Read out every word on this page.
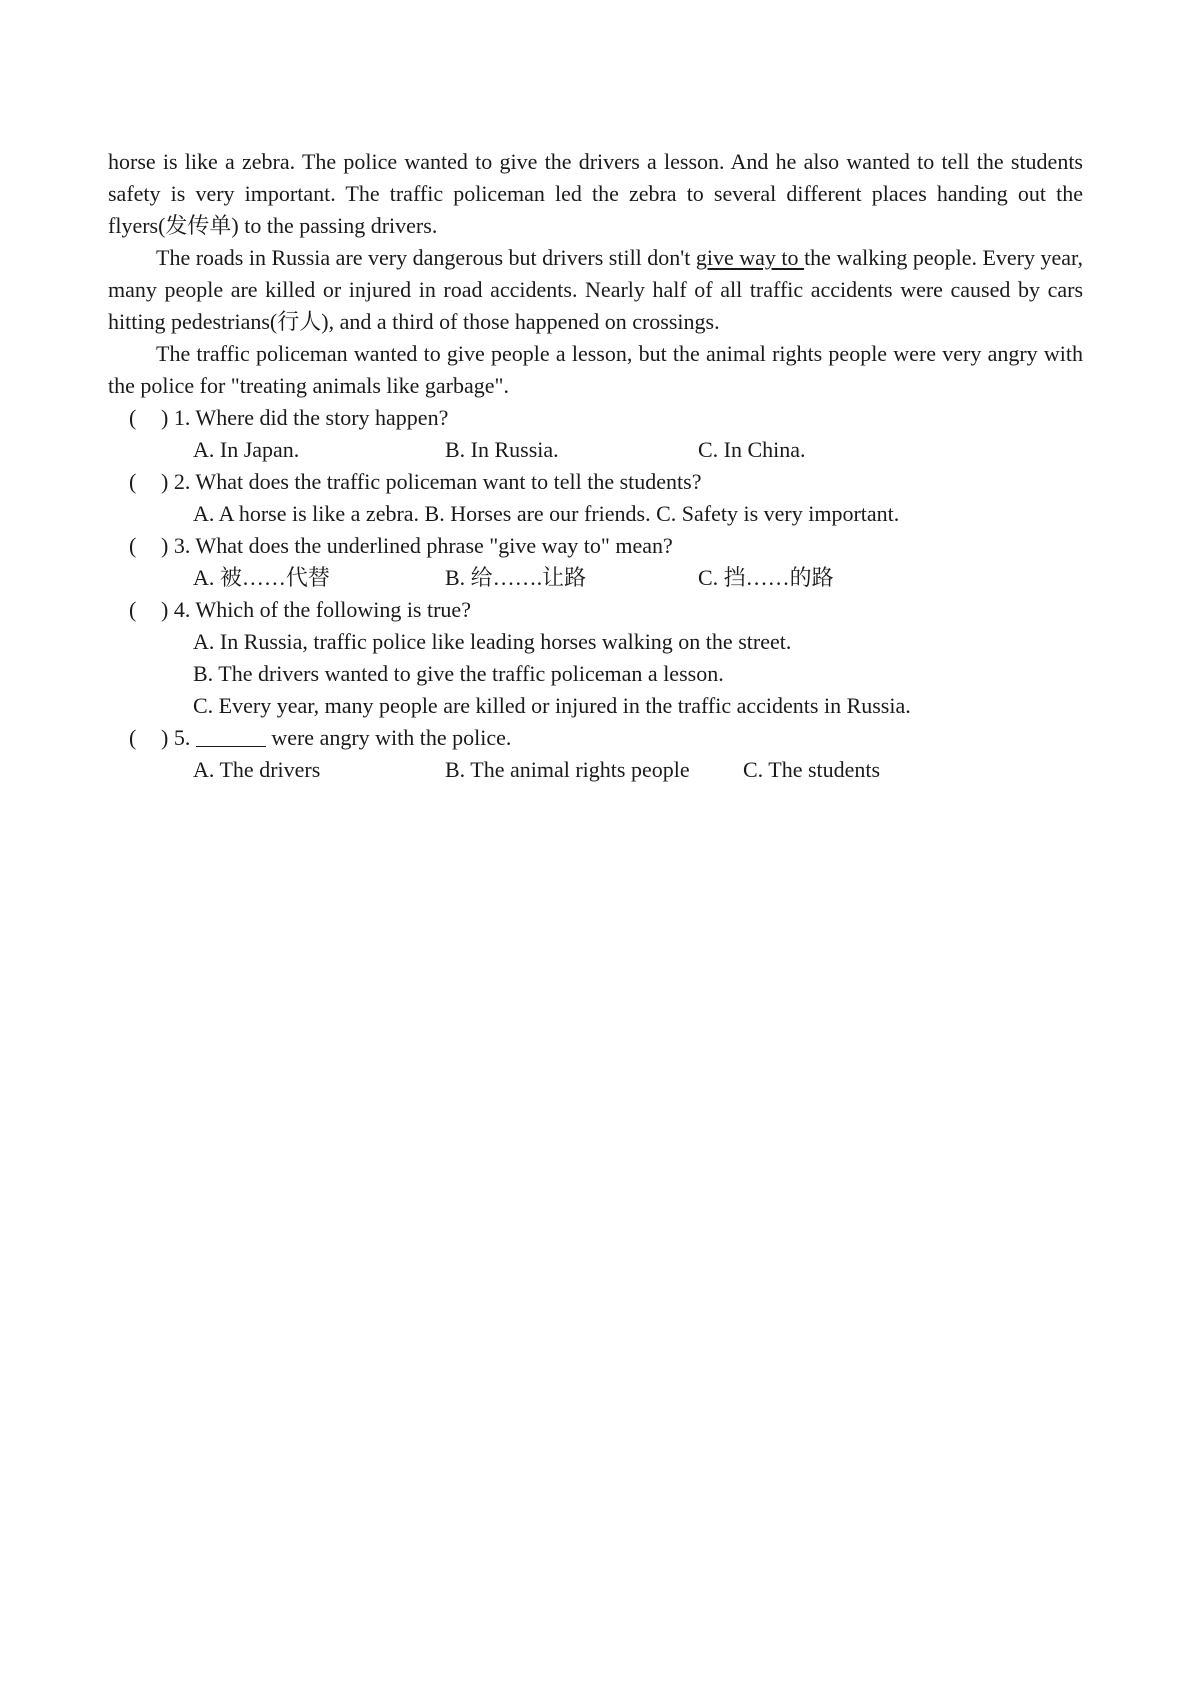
horse is like a zebra. The police wanted to give the drivers a lesson. And he also wanted to tell the students safety is very important. The traffic policeman led the zebra to several different places handing out the flyers(发传单) to the passing drivers.

The roads in Russia are very dangerous but drivers still don't give way to the walking people. Every year, many people are killed or injured in road accidents. Nearly half of all traffic accidents were caused by cars hitting pedestrians(行人), and a third of those happened on crossings.

The traffic policeman wanted to give people a lesson, but the animal rights people were very angry with the police for "treating animals like garbage".

( ) 1. Where did the story happen?
A. In Japan.	B. In Russia.	C. In China.
( ) 2. What does the traffic policeman want to tell the students?
A. A horse is like a zebra. B. Horses are our friends. C. Safety is very important.
( ) 3. What does the underlined phrase "give way to" mean?
A. 被……代替	B. 给…….让路	C. 挡……的路
( ) 4. Which of the following is true?
A. In Russia, traffic police like leading horses walking on the street.
B. The drivers wanted to give the traffic policeman a lesson.
C. Every year, many people are killed or injured in the traffic accidents in Russia.
( ) 5.	were angry with the police.
A. The drivers	B. The animal rights people C. The students
